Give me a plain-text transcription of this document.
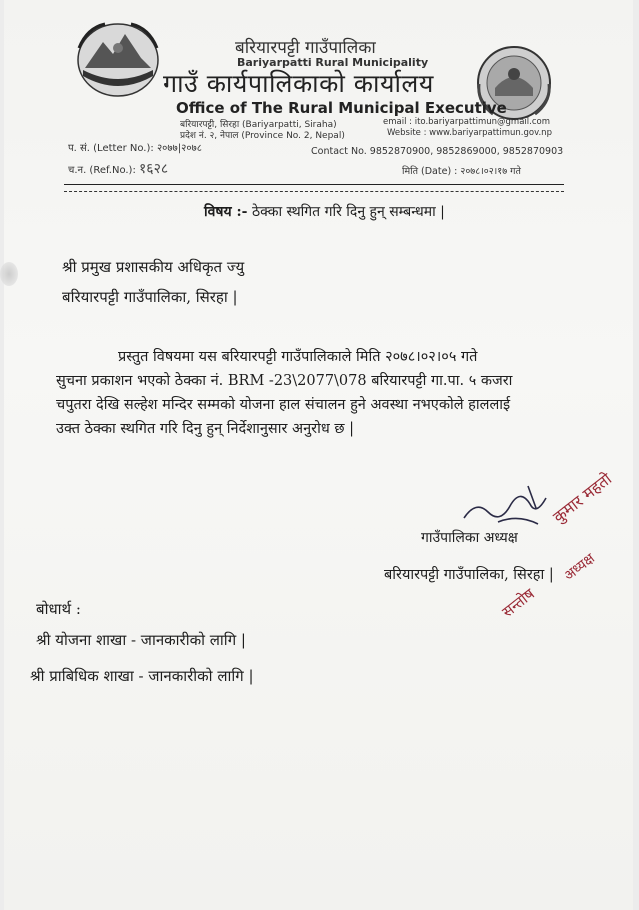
बरियारपट्टी गाउँपालिका
Bariyarpatti Rural Municipality
गाउँ कार्यपालिकाको कार्यालय
Office of The Rural Municipal Executive
बरियारपट्टी, सिरहा (Bariyarpatti, Siraha)
प्रदेश नं. २, नेपाल (Province No. 2, Nepal)
email : ito.bariyarpattimun@gmail.com
Website : www.bariyarpattimun.gov.np
प. सं. (Letter No.): २०७७|२०७८	Contact No. 9852870900, 9852869000, 9852870903
च.न. (Ref.No.): १६२८	मिति (Date) : २०७८।०२।१७ गते
विषय :- ठेक्का स्थगित गरि दिनु हुन् सम्बन्धमा |
श्री प्रमुख प्रशासकीय अधिकृत ज्यु
बरियारपट्टी गाउँपालिका, सिरहा |
प्रस्तुत विषयमा यस बरियारपट्टी गाउँपालिकाले मिति २०७८।०२।०५ गते
सुचना प्रकाशन भएको ठेक्का नं. BRM -23\2077\078 बरियारपट्टी गा.पा. ५ कजरा
चपुतरा देखि सल्हेश मन्दिर सम्मको योजना हाल संचालन हुने अवस्था नभएकोले हाललाई
उक्त ठेक्का स्थगित गरि दिनु हुन् निर्देशानुसार अनुरोध छ |
गाउँपालिका अध्यक्ष
बरियारपट्टी गाउँपालिका, सिरहा |
कुमार महतो
सन्तोष
अध्यक्ष
बोधार्थ :
श्री योजना शाखा - जानकारीको लागि |
श्री प्राबिधिक शाखा - जानकारीको लागि |
